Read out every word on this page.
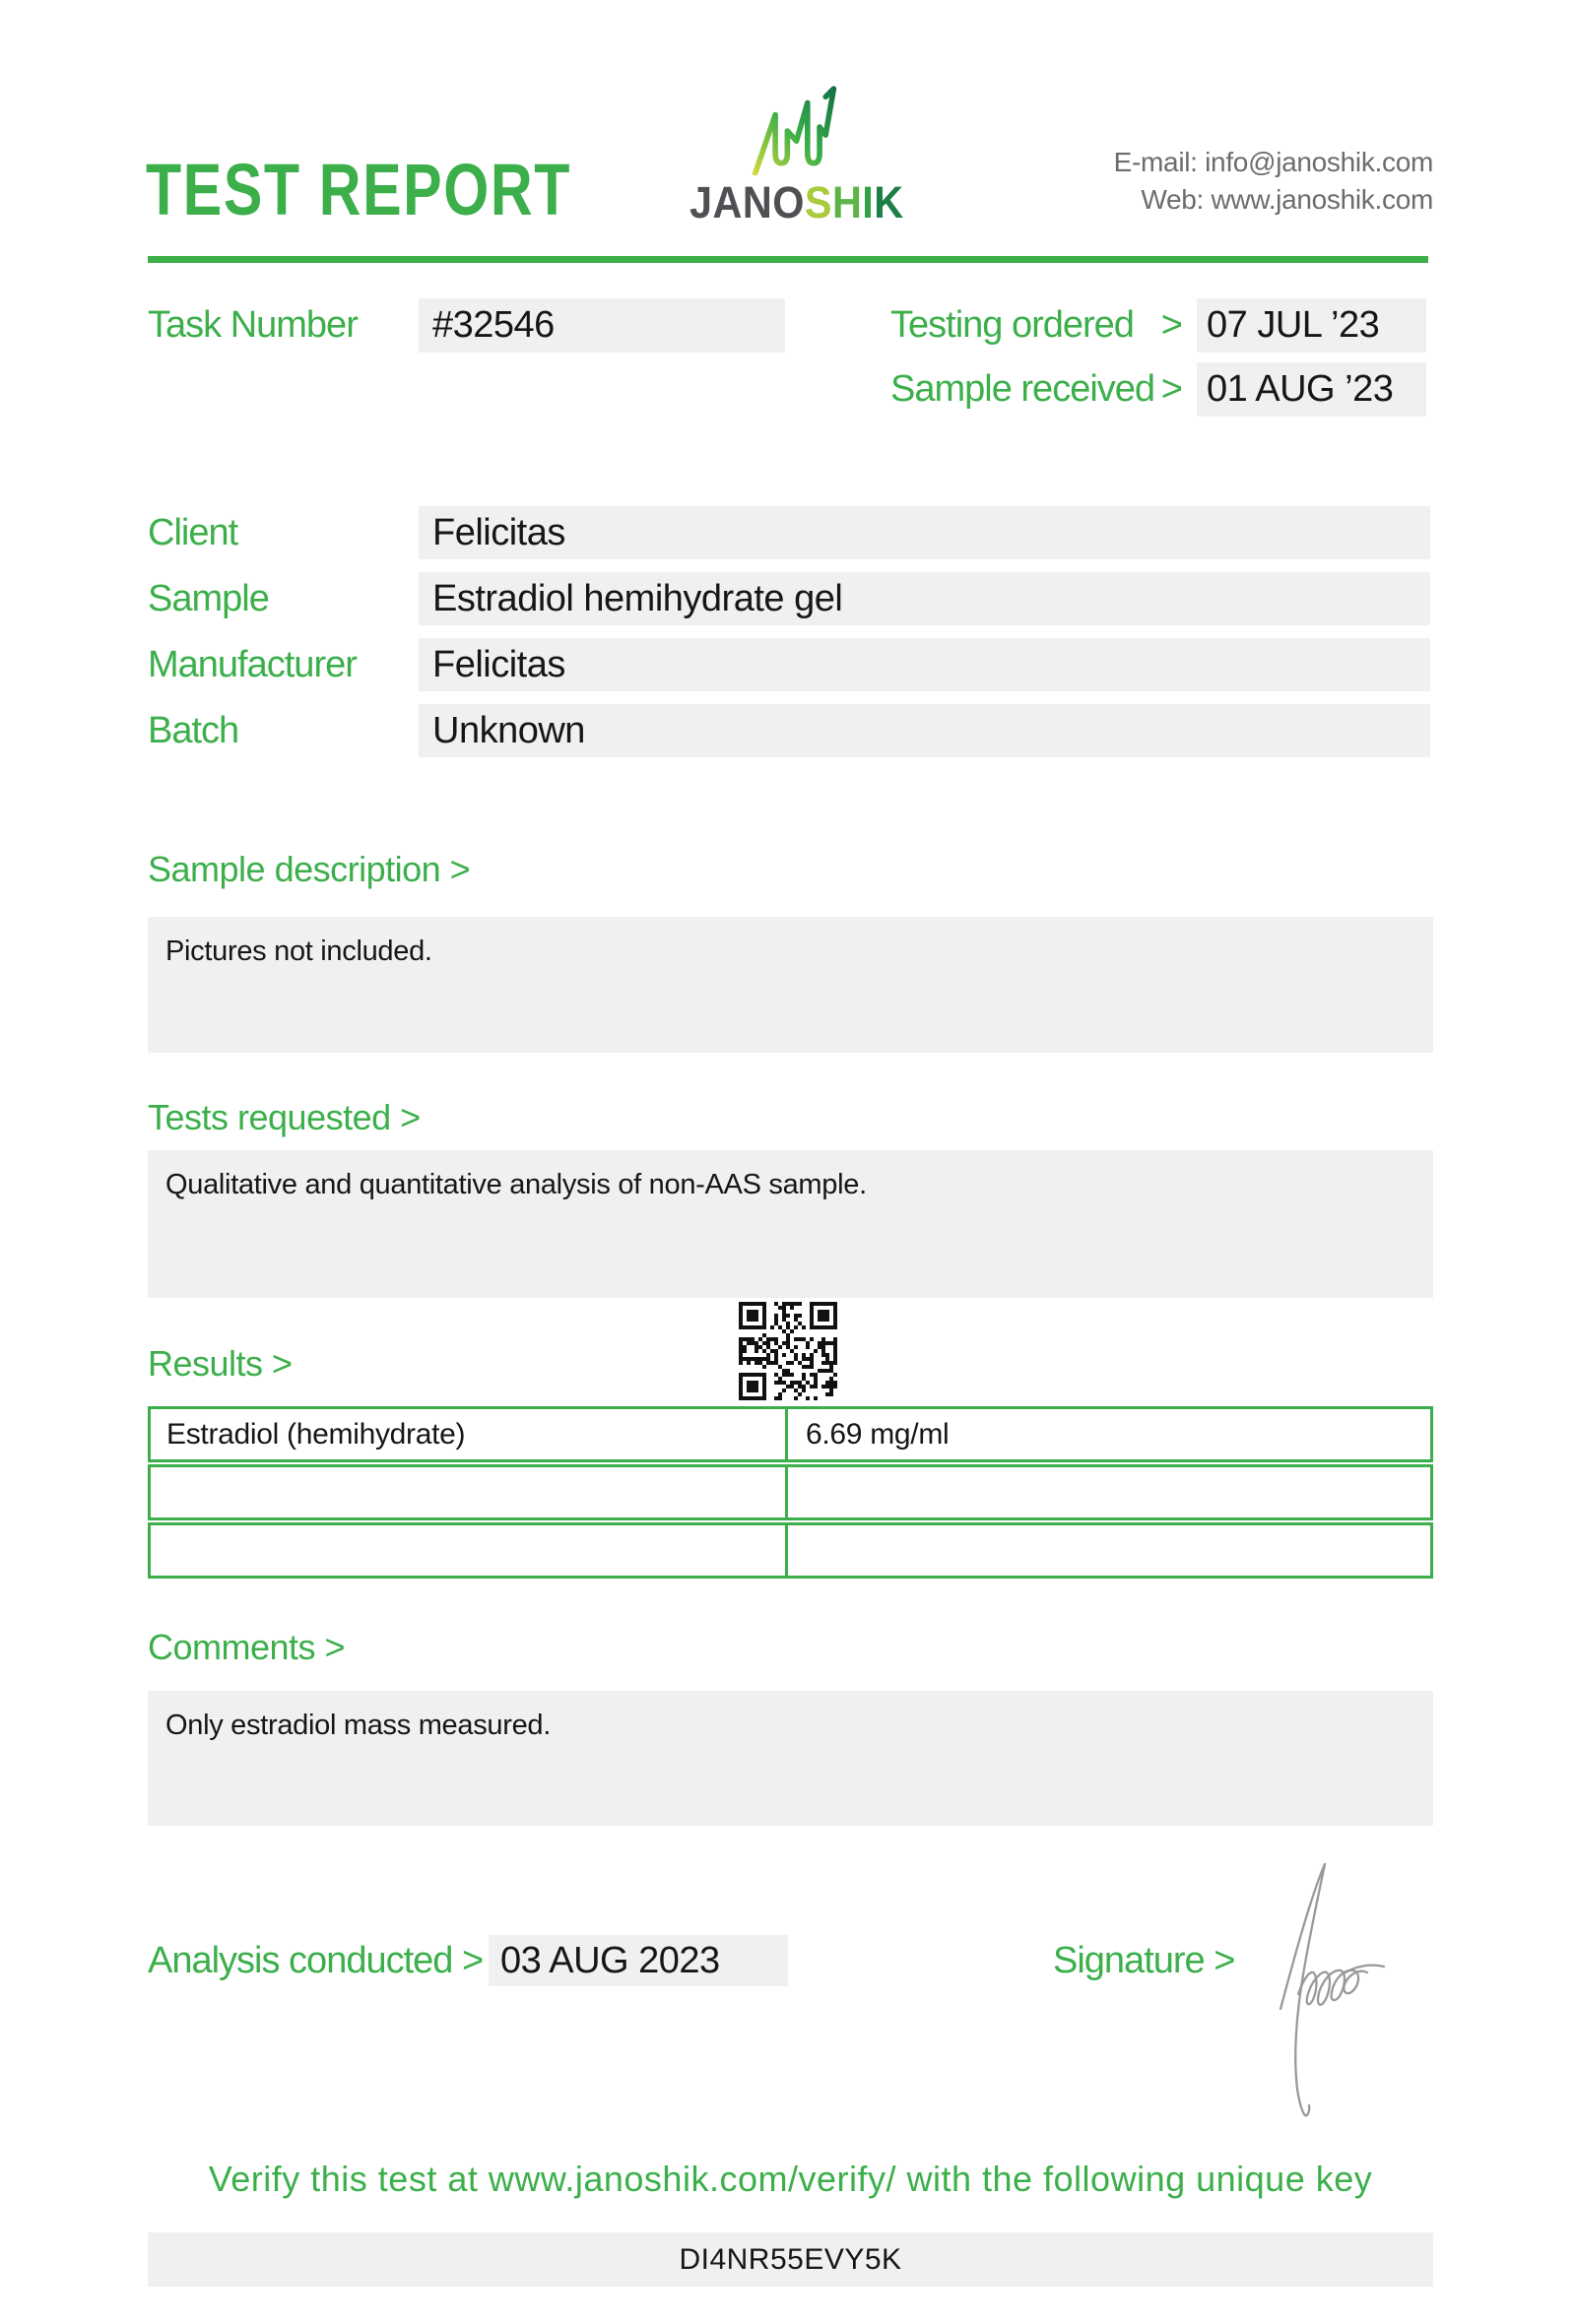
TEST REPORT	JANOSHIK
E-mail: info@janoshik.com
Web: www.janoshik.com
Task Number	#32546	Testing ordered > 07 JUL ’23
Sample received > 01 AUG ’23
Client	Felicitas
Sample	Estradiol hemihydrate gel
Manufacturer	Felicitas
Batch	Unknown
Sample description >
Pictures not included.
Tests requested >
Qualitative and quantitative analysis of non-AAS sample.
Results >
Estradiol (hemihydrate)	6.69 mg/ml
Comments >
Only estradiol mass measured.
Analysis conducted > 03 AUG 2023	Signature >
Verify this test at www.janoshik.com/verify/ with the following unique key
DI4NR55EVY5K
